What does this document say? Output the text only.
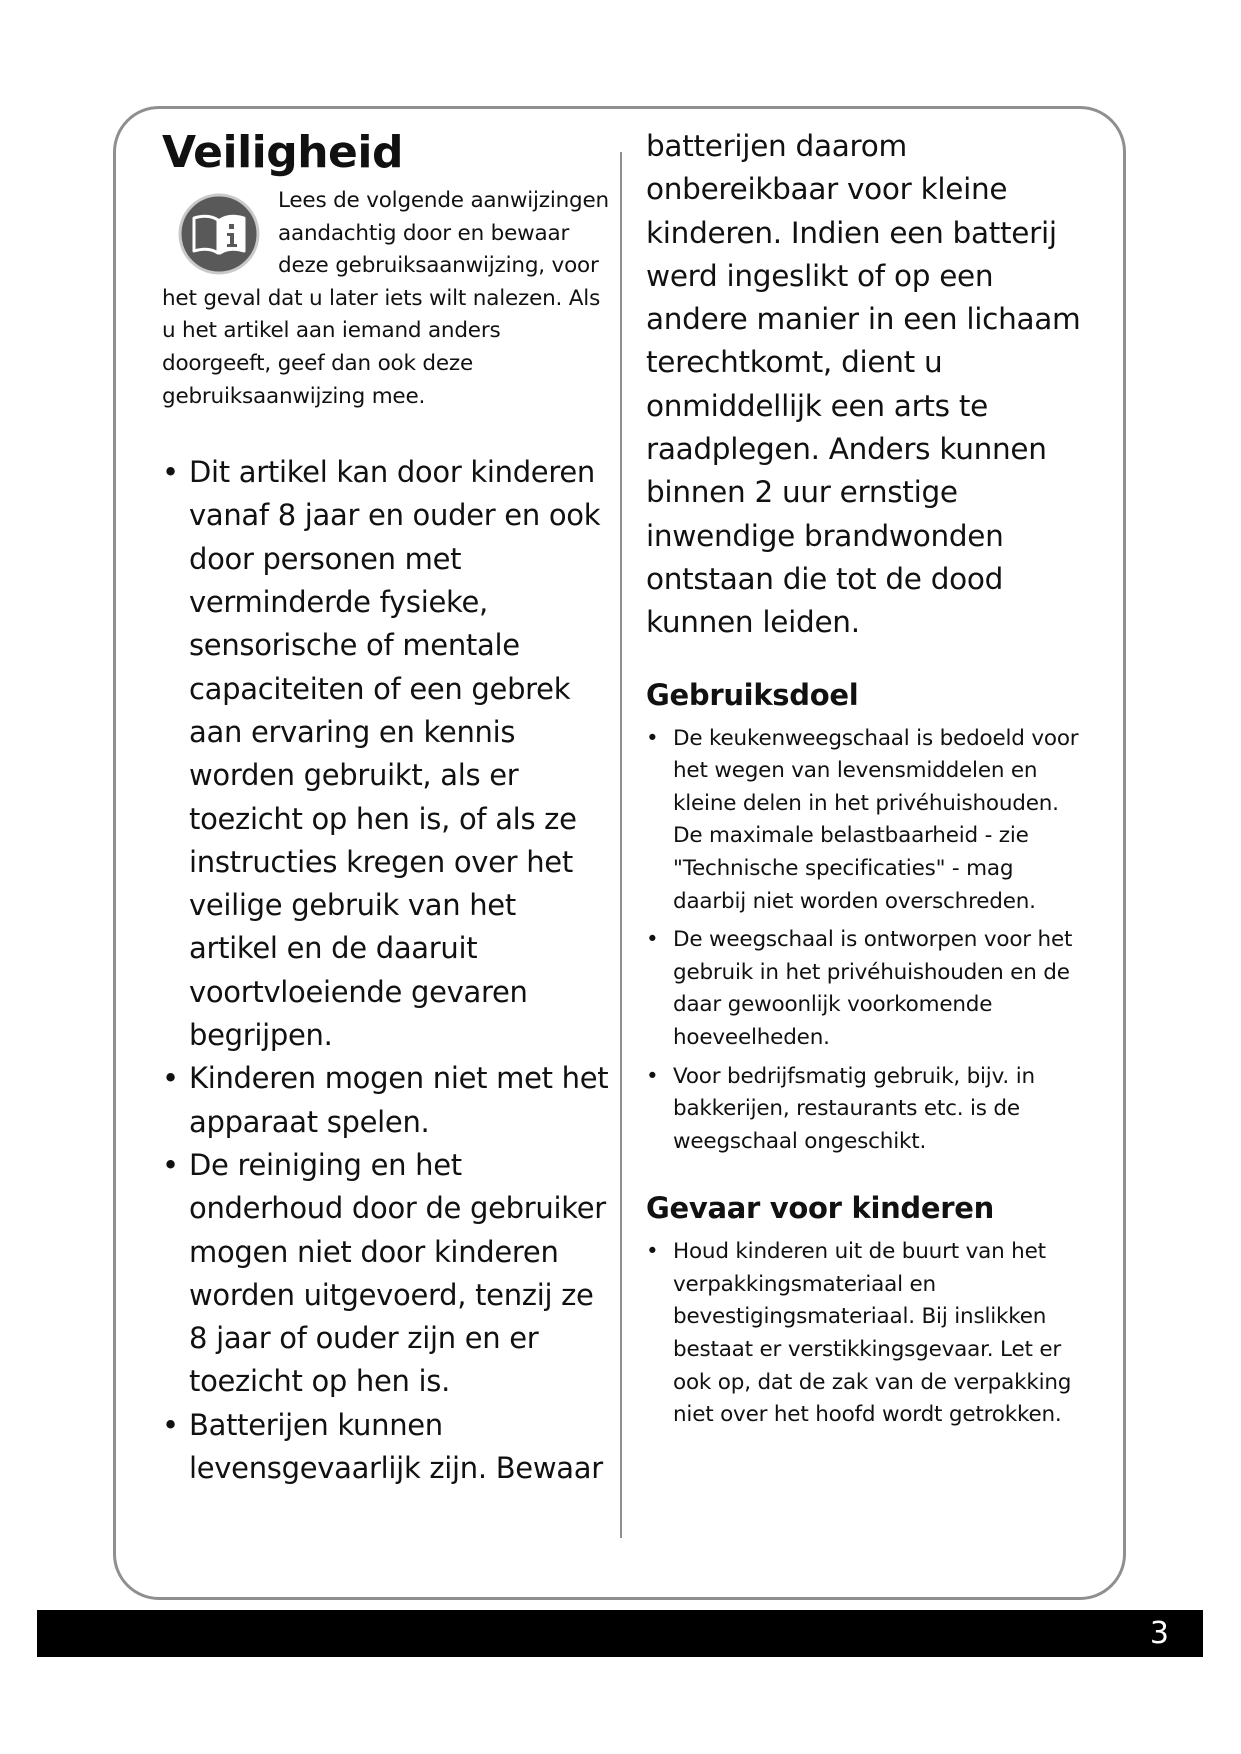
Veiligheid

Lees de volgende aanwijzingen aandachtig door en bewaar deze gebruiksaanwijzing, voor het geval dat u later iets wilt nalezen. Als u het artikel aan iemand anders doorgeeft, geef dan ook deze gebruiksaanwijzing mee.

• Dit artikel kan door kinderen vanaf 8 jaar en ouder en ook door personen met verminderde fysieke, sensorische of mentale capaciteiten of een gebrek aan ervaring en kennis worden gebruikt, als er toezicht op hen is, of als ze instructies kregen over het veilige gebruik van het artikel en de daaruit voortvloeiende gevaren begrijpen.
• Kinderen mogen niet met het apparaat spelen.
• De reiniging en het onderhoud door de gebruiker mogen niet door kinderen worden uitgevoerd, tenzij ze 8 jaar of ouder zijn en er toezicht op hen is.
• Batterijen kunnen levensgevaarlijk zijn. Bewaar

batterijen daarom onbereikbaar voor kleine kinderen. Indien een batterij werd ingeslikt of op een andere manier in een lichaam terechtkomt, dient u onmiddellijk een arts te raadplegen. Anders kunnen binnen 2 uur ernstige inwendige brandwonden ontstaan die tot de dood kunnen leiden.

Gebruiksdoel
• De keukenweegschaal is bedoeld voor het wegen van levensmiddelen en kleine delen in het privéhuishouden. De maximale belastbaarheid - zie "Technische specificaties" - mag daarbij niet worden overschreden.
• De weegschaal is ontworpen voor het gebruik in het privéhuishouden en de daar gewoonlijk voorkomende hoeveelheden.
• Voor bedrijfsmatig gebruik, bijv. in bakkerijen, restaurants etc. is de weegschaal ongeschikt.
Gevaar voor kinderen
• Houd kinderen uit de buurt van het verpakkingsmateriaal en bevestigingsmateriaal. Bij inslikken bestaat er verstikkingsgevaar. Let er ook op, dat de zak van de verpakking niet over het hoofd wordt getrokken.
3
